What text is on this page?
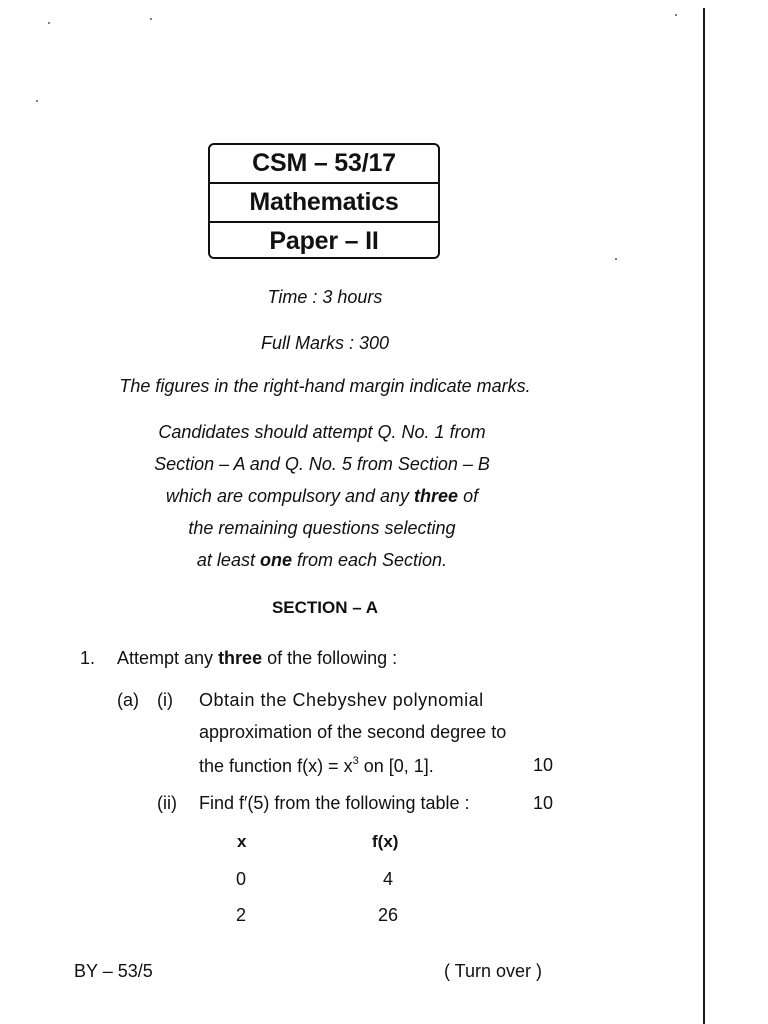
CSM – 53/17
Mathematics
Paper – II
Time : 3 hours
Full Marks : 300
The figures in the right-hand margin indicate marks.
Candidates should attempt Q. No. 1 from
Section – A and Q. No. 5 from Section – B
which are compulsory and any three of
the remaining questions selecting
at least one from each Section.
SECTION – A
1. Attempt any three of the following :
(a) (i) Obtain the Chebyshev polynomial
approximation of the second degree to
the function $f(x) = x^3$ on [0, 1].	10
(ii) Find f′(5) from the following table :	10
x	f(x)
0	4
2	26
BY – 53/5	( Turn over )
